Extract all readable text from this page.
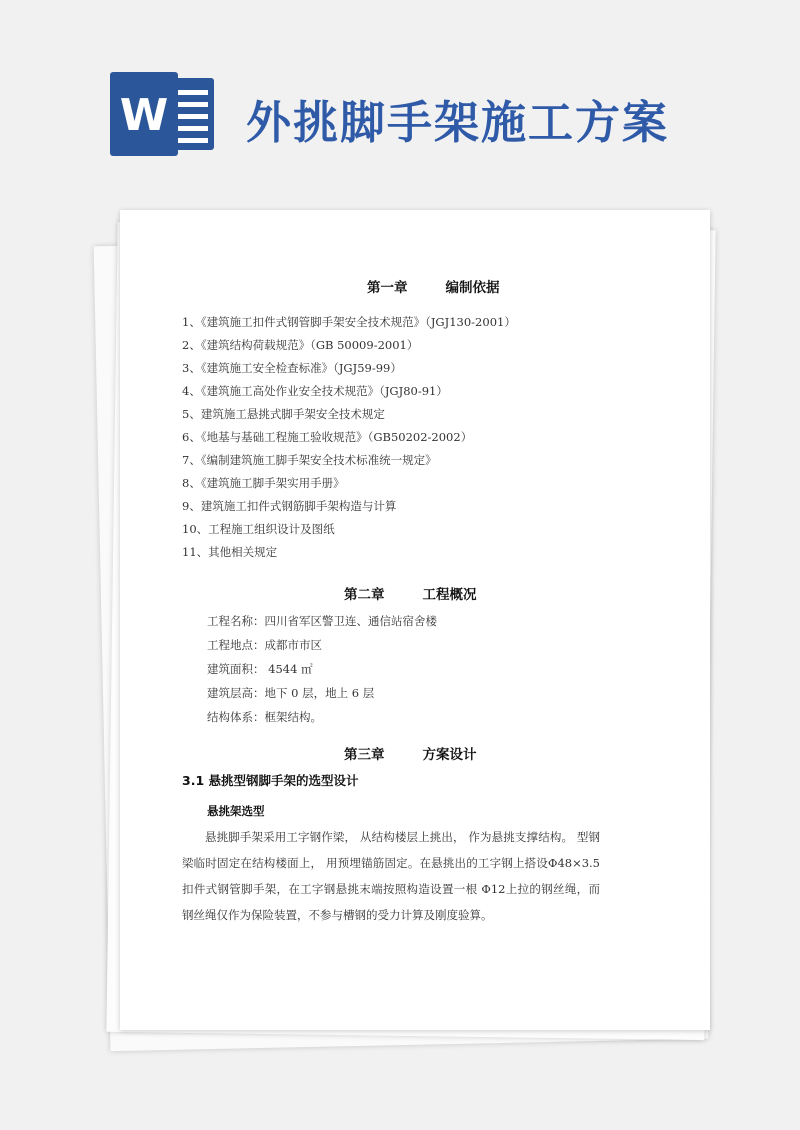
W 外挑脚手架施工方案
第一章	编制依据
1、《建筑施工扣件式钢管脚手架安全技术规范》（JGJ130-2001）
2、《建筑结构荷载规范》（GB 50009-2001）
3、《建筑施工安全检查标准》（JGJ59-99）
4、《建筑施工高处作业安全技术规范》（JGJ80-91）
5、建筑施工悬挑式脚手架安全技术规定
6、《地基与基础工程施工验收规范》（GB50202-2002）
7、《编制建筑施工脚手架安全技术标准统一规定》
8、《建筑施工脚手架实用手册》
9、建筑施工扣件式钢筋脚手架构造与计算
10、工程施工组织设计及图纸
11、其他相关规定
第二章	工程概况
工程名称：四川省军区警卫连、通信站宿舍楼
工程地点：成都市市区
建筑面积： 4544 ㎡
建筑层高：地下 0 层，地上 6 层
结构体系：框架结构。
第三章	方案设计
3.1 悬挑型钢脚手架的选型设计
悬挑架选型
悬挑脚手架采用工字钢作梁， 从结构楼层上挑出， 作为悬挑支撑结构。 型钢梁临时固定在结构楼面上， 用预埋锚筋固定。在悬挑出的工字钢上搭设Φ48×3.5 扣件式钢管脚手架，在工字钢悬挑末端按照构造设置一根 Φ12上拉的钢丝绳，而钢丝绳仅作为保险装置，不参与槽钢的受力计算及刚度验算。
